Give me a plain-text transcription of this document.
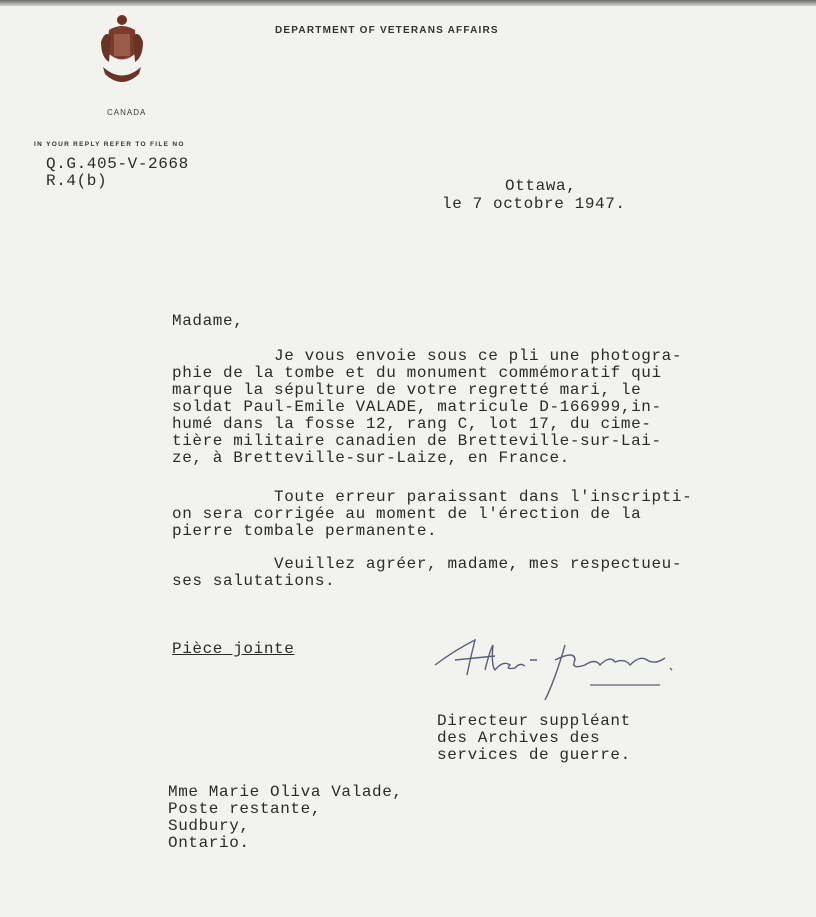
CANADA
DEPARTMENT OF VETERANS AFFAIRS
IN YOUR REPLY REFER TO FILE NO
Q.G.405-V-2668
R.4(b)	Ottawa,
le 7 octobre 1947.
Madame,
Je vous envoie sous ce pli une photogra-
phie de la tombe et du monument commémoratif qui
marque la sépulture de votre regretté mari, le
soldat Paul-Emile VALADE, matricule D-166999,in-
humé dans la fosse 12, rang C, lot 17, du cime-
tière militaire canadien de Bretteville-sur-Lai-
ze, à Bretteville-sur-Laize, en France.
Toute erreur paraissant dans l'inscripti-
on sera corrigée au moment de l'érection de la
pierre tombale permanente.
Veuillez agréer, madame, mes respectueu-
ses salutations.
Pièce jointe
Directeur suppléant
des Archives des
services de guerre.
Mme Marie Oliva Valade,
Poste restante,
Sudbury,
Ontario.
